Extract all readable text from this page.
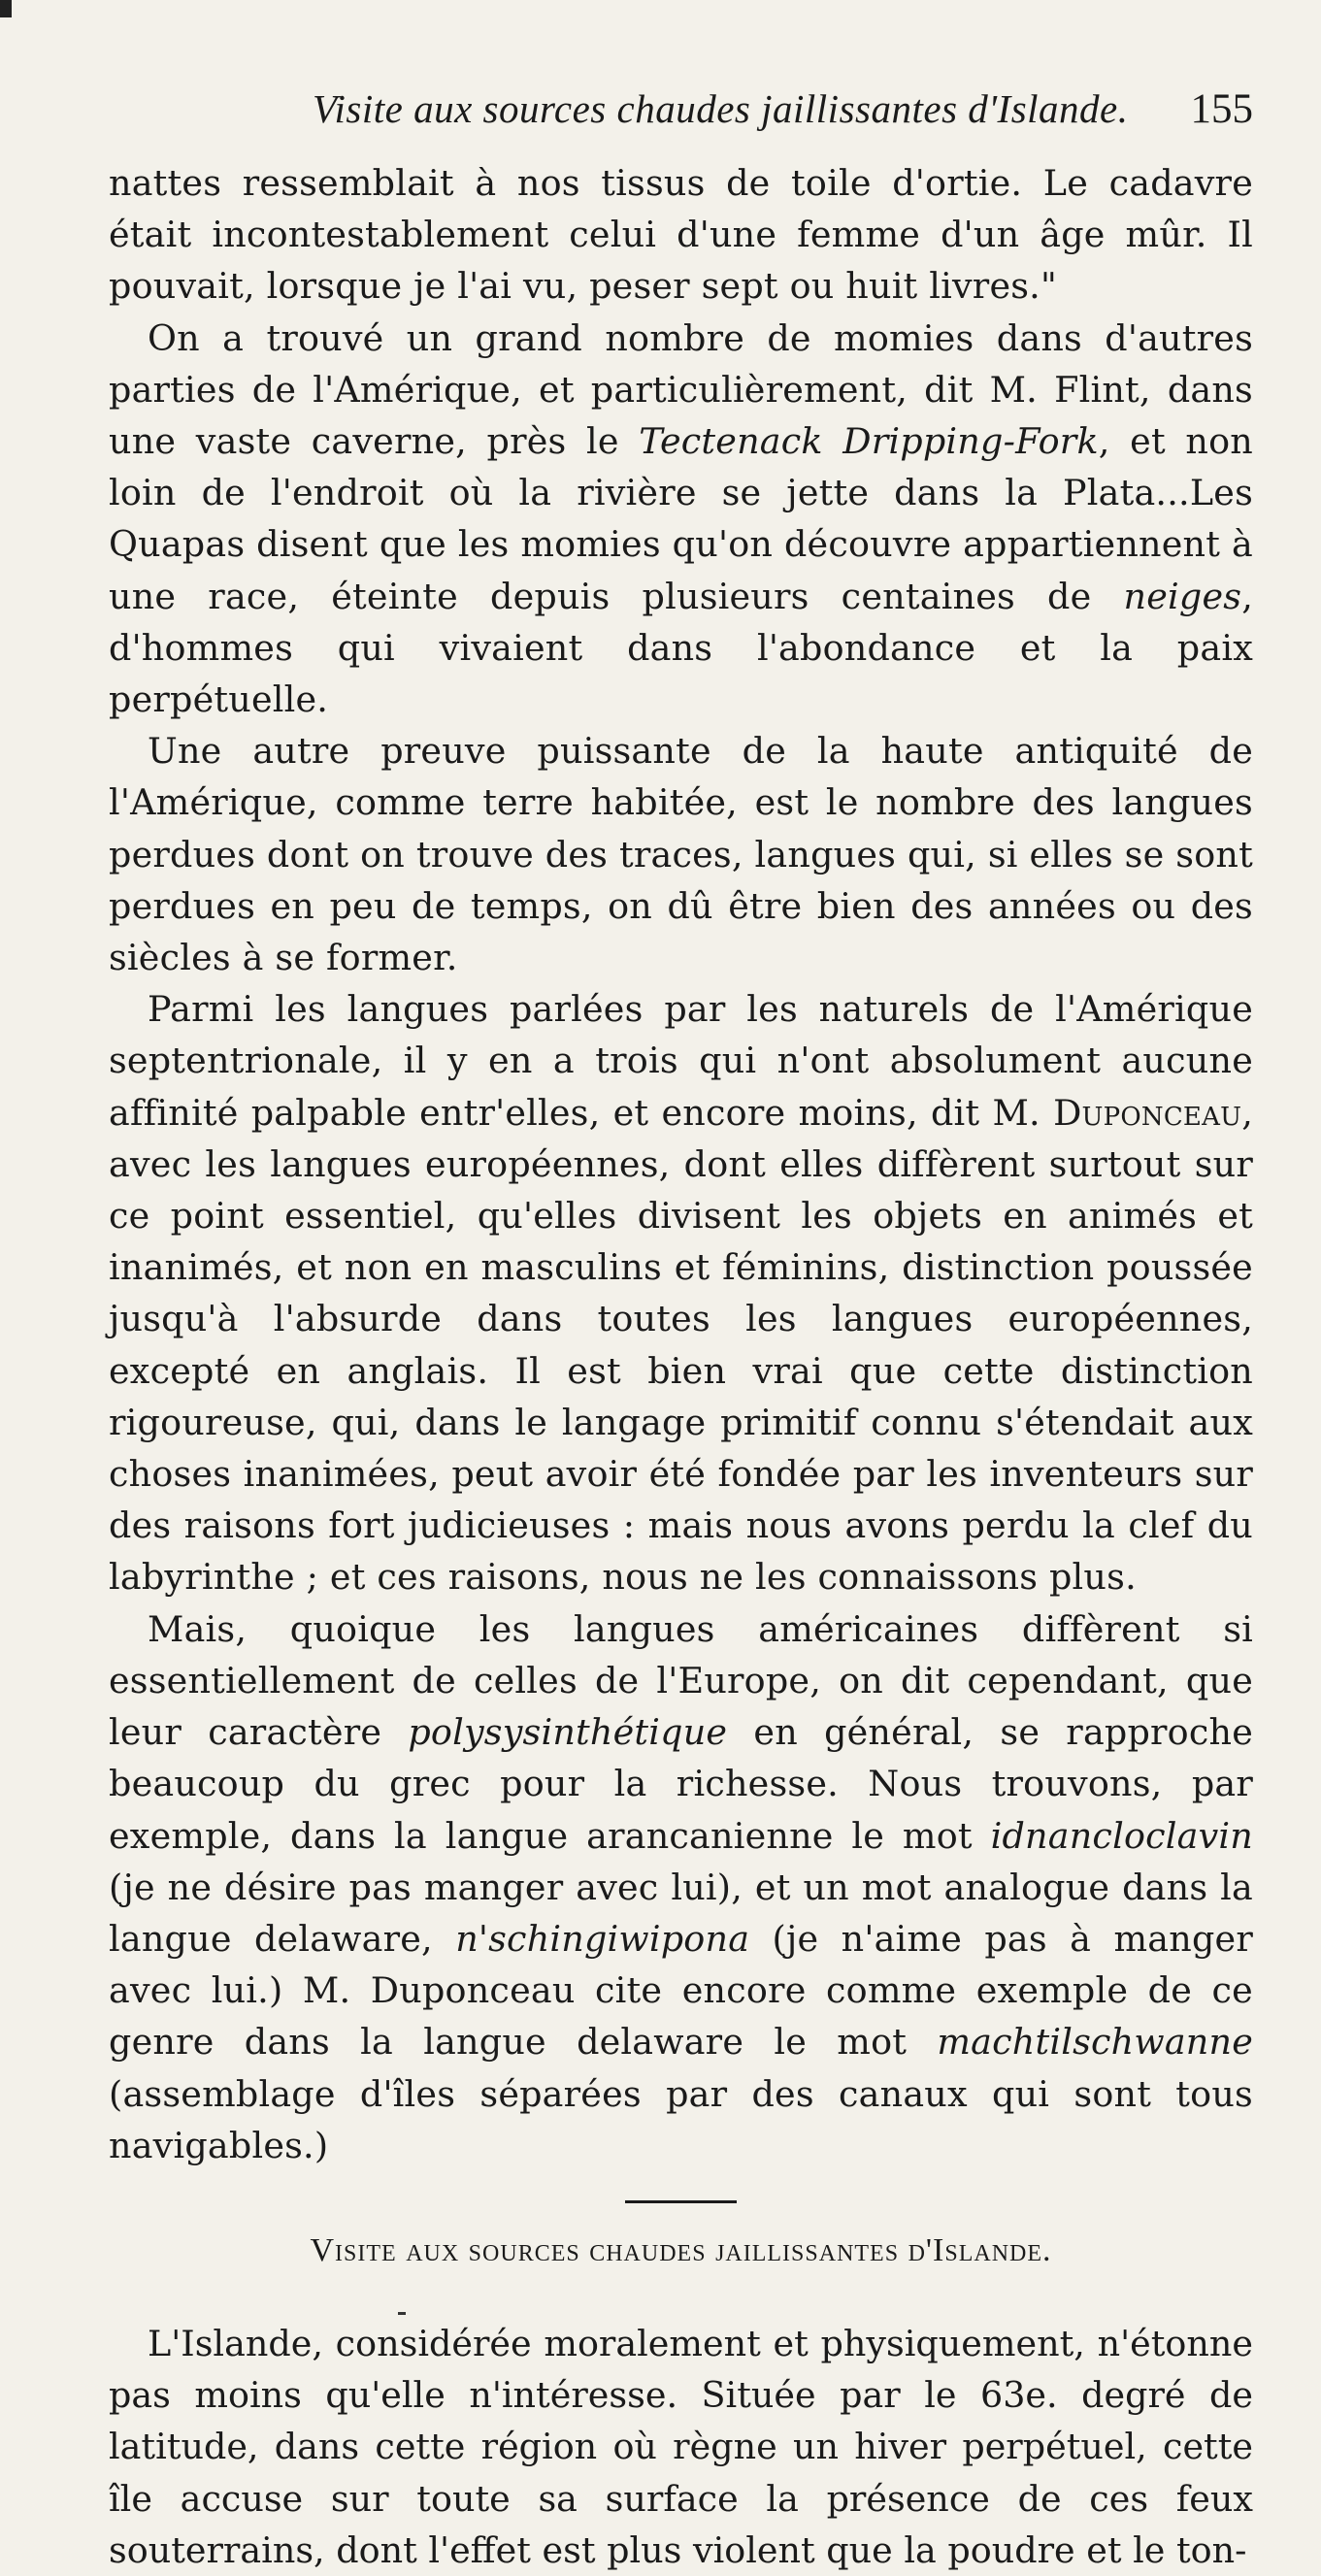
Visite aux sources chaudes jaillissantes d'Islande. 155

nattes ressemblait à nos tissus de toile d'ortie. Le cadavre était incontestablement celui d'une femme d'un âge mûr. Il pouvait, lorsque je l'ai vu, peser sept ou huit livres."

On a trouvé un grand nombre de momies dans d'autres parties de l'Amérique, et particulièrement, dit M. Flint, dans une vaste caverne, près le Tectenack Dripping-Fork, et non loin de l'endroit où la rivière se jette dans la Plata...Les Quapas disent que les momies qu'on découvre appartiennent à une race, éteinte depuis plusieurs centaines de neiges, d'hommes qui vivaient dans l'abondance et la paix perpétuelle.

Une autre preuve puissante de la haute antiquité de l'Amérique, comme terre habitée, est le nombre des langues perdues dont on trouve des traces, langues qui, si elles se sont perdues en peu de temps, on dû être bien des années ou des siècles à se former.

Parmi les langues parlées par les naturels de l'Amérique septentrionale, il y en a trois qui n'ont absolument aucune affinité palpable entr'elles, et encore moins, dit M. Duponceau, avec les langues européennes, dont elles diffèrent surtout sur ce point essentiel, qu'elles divisent les objets en animés et inanimés, et non en masculins et féminins, distinction poussée jusqu'à l'absurde dans toutes les langues européennes, excepté en anglais. Il est bien vrai que cette distinction rigoureuse, qui, dans le langage primitif connu s'étendait aux choses inanimées, peut avoir été fondée par les inventeurs sur des raisons fort judicieuses : mais nous avons perdu la clef du labyrinthe ; et ces raisons, nous ne les connaissons plus.

Mais, quoique les langues américaines diffèrent si essentiellement de celles de l'Europe, on dit cependant, que leur caractère polysysinthétique en général, se rapproche beaucoup du grec pour la richesse. Nous trouvons, par exemple, dans la langue arancanienne le mot idnancloclavin (je ne désire pas manger avec lui), et un mot analogue dans la langue delaware, n'schingiwipona (je n'aime pas à manger avec lui.) M. Duponceau cite encore comme exemple de ce genre dans la langue delaware le mot machtilschwanne (assemblage d'îles séparées par des canaux qui sont tous navigables.)

Visite aux sources chaudes jaillissantes d'Islande.

L'Islande, considérée moralement et physiquement, n'étonne pas moins qu'elle n'intéresse. Située par le 63e. degré de latitude, dans cette région où règne un hiver perpétuel, cette île accuse sur toute sa surface la présence de ces feux souterrains, dont l'effet est plus violent que la poudre et le ton-
